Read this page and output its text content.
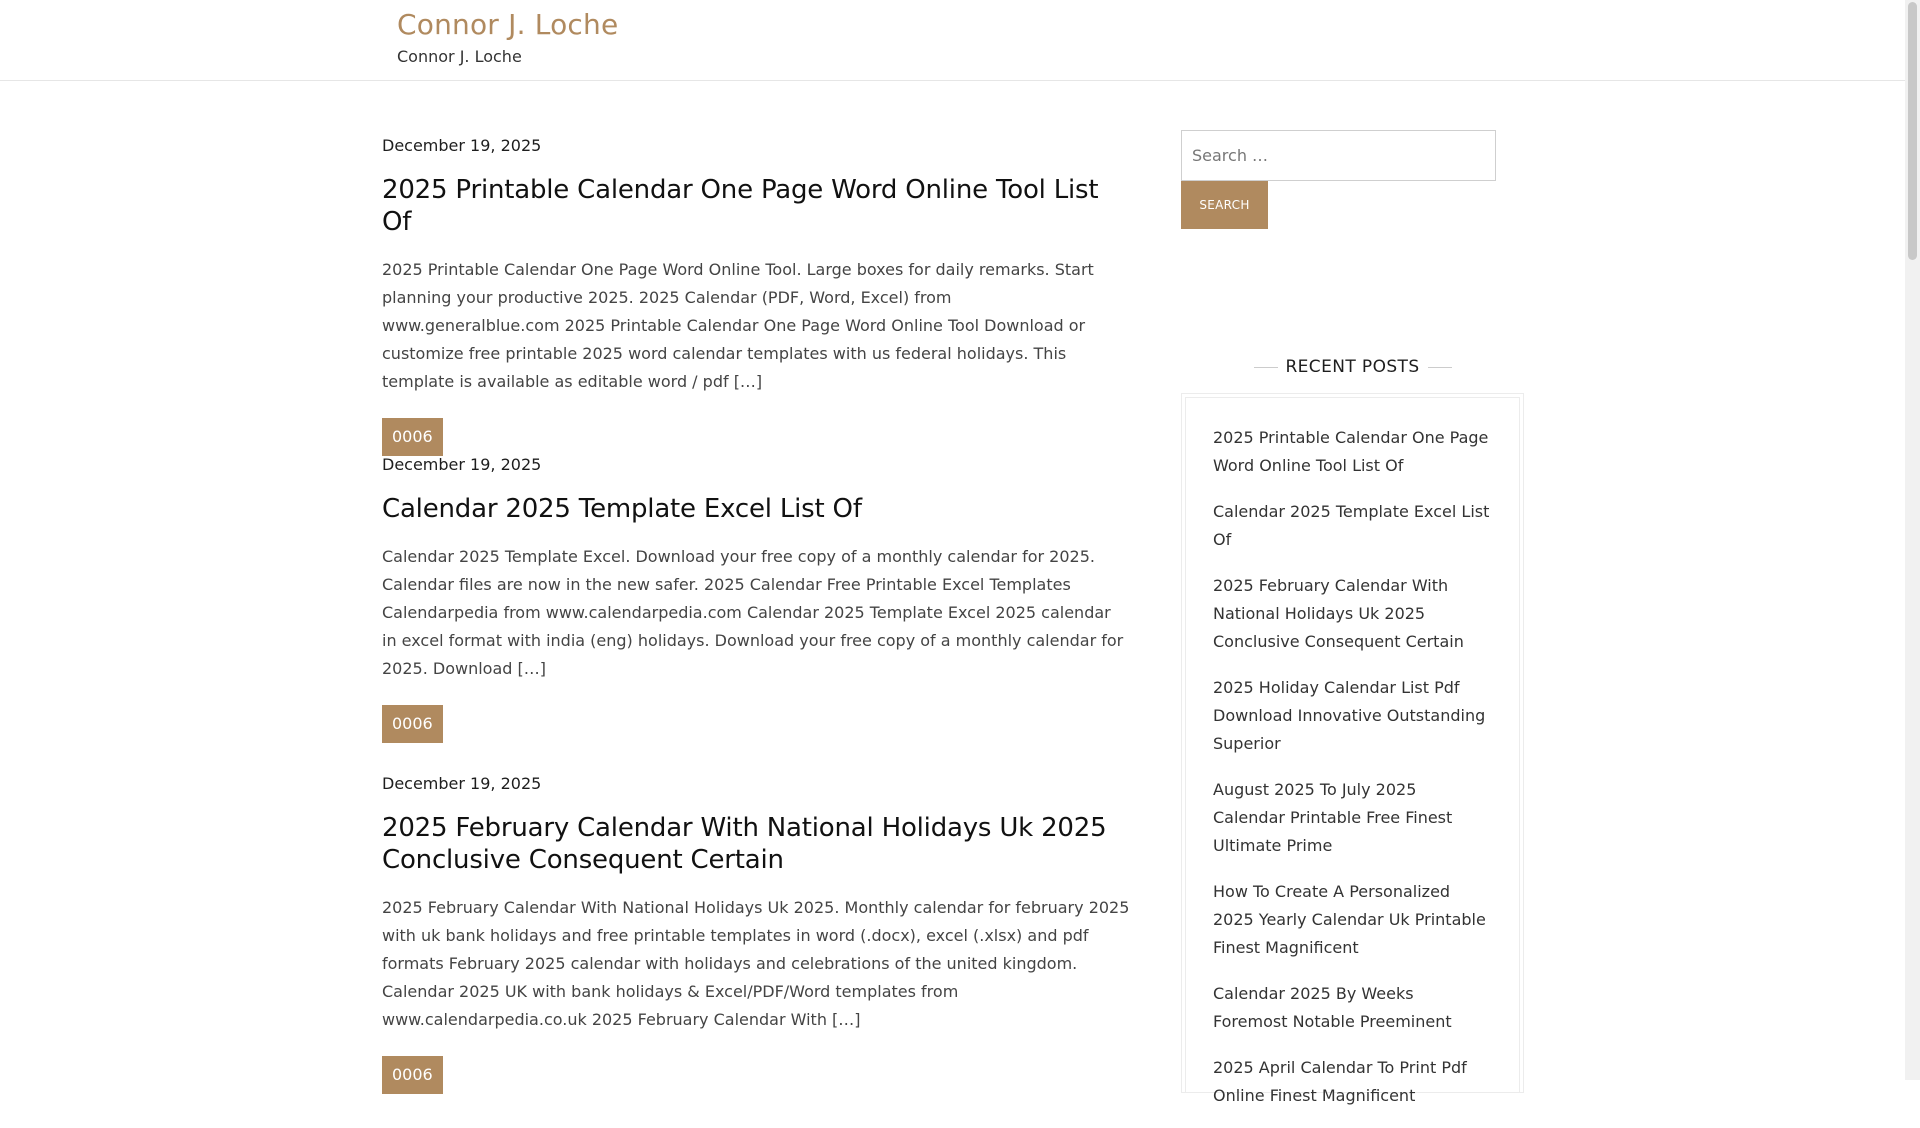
Connor J. Loche
Connor J. Loche
December 19, 2025
2025 Printable Calendar One Page Word Online Tool List Of

2025 Printable Calendar One Page Word Online Tool. Large boxes for daily remarks. Start planning your productive 2025. 2025 Calendar (PDF, Word, Excel) from www.generalblue.com 2025 Printable Calendar One Page Word Online Tool Download or customize free printable 2025 word calendar templates with us federal holidays. This template is available as editable word / pdf […]

0006
December 19, 2025
Calendar 2025 Template Excel List Of

Calendar 2025 Template Excel. Download your free copy of a monthly calendar for 2025. Calendar files are now in the new safer. 2025 Calendar Free Printable Excel Templates Calendarpedia from www.calendarpedia.com Calendar 2025 Template Excel 2025 calendar in excel format with india (eng) holidays. Download your free copy of a monthly calendar for 2025. Download […]

0006
December 19, 2025
2025 February Calendar With National Holidays Uk 2025 Conclusive Consequent Certain

2025 February Calendar With National Holidays Uk 2025. Monthly calendar for february 2025 with uk bank holidays and free printable templates in word (.docx), excel (.xlsx) and pdf formats February 2025 calendar with holidays and celebrations of the united kingdom. Calendar 2025 UK with bank holidays & Excel/PDF/Word templates from www.calendarpedia.co.uk 2025 February Calendar With […]

0006
Search …
SEARCH
RECENT POSTS
2025 Printable Calendar One Page Word Online Tool List Of
Calendar 2025 Template Excel List Of
2025 February Calendar With National Holidays Uk 2025 Conclusive Consequent Certain
2025 Holiday Calendar List Pdf Download Innovative Outstanding Superior
August 2025 To July 2025 Calendar Printable Free Finest Ultimate Prime
How To Create A Personalized 2025 Yearly Calendar Uk Printable Finest Magnificent
Calendar 2025 By Weeks Foremost Notable Preeminent
2025 April Calendar To Print Pdf Online Finest Magnificent
